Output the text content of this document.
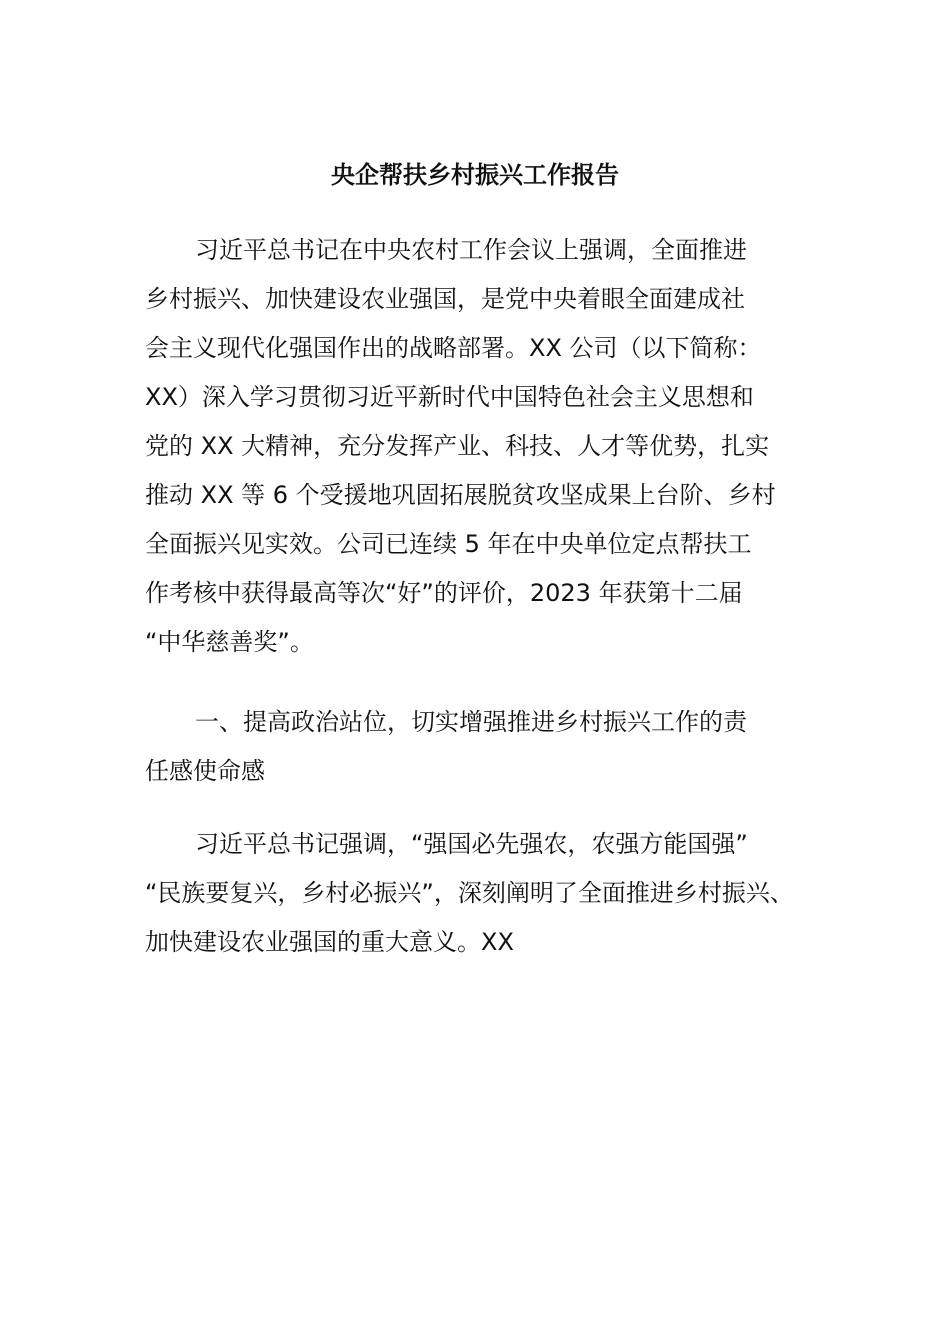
央企帮扶乡村振兴工作报告
习近平总书记在中央农村工作会议上强调，全面推进
乡村振兴、加快建设农业强国，是党中央着眼全面建成社
会主义现代化强国作出的战略部署。XX 公司（以下简称：
XX）深入学习贯彻习近平新时代中国特色社会主义思想和
党的 XX 大精神，充分发挥产业、科技、人才等优势，扎实
推动 XX 等 6 个受援地巩固拓展脱贫攻坚成果上台阶、乡村
全面振兴见实效。公司已连续 5 年在中央单位定点帮扶工
作考核中获得最高等次“好”的评价，2023 年获第十二届
“中华慈善奖”。
一、提高政治站位，切实增强推进乡村振兴工作的责
任感使命感
习近平总书记强调，“强国必先强农，农强方能国强”
“民族要复兴，乡村必振兴”，深刻阐明了全面推进乡村振兴、
加快建设农业强国的重大意义。XX
